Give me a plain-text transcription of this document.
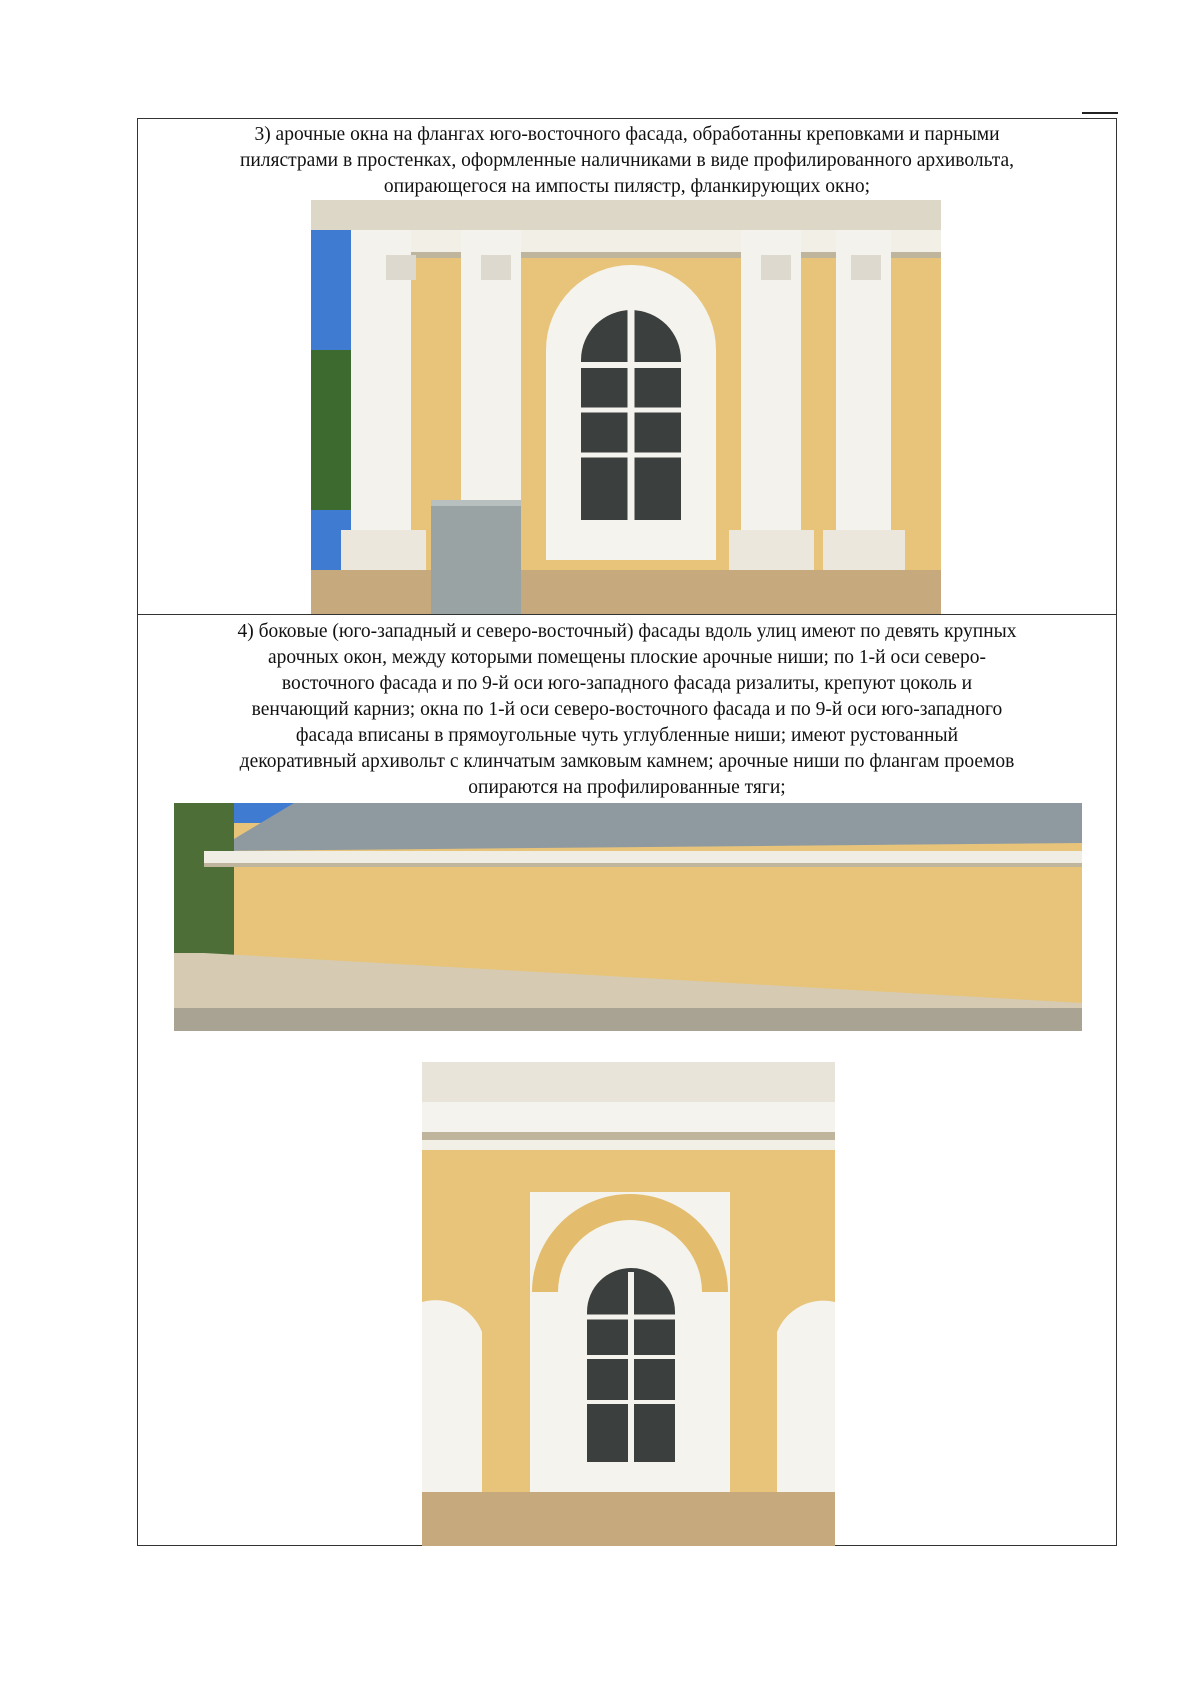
3) арочные окна на флангах юго-восточного фасада, обработанны креповками и парными
пилястрами в простенках, оформленные наличниками в виде профилированного архивольта,
опирающегося на импосты пилястр, фланкирующих окно;
4) боковые (юго-западный и северо-восточный) фасады вдоль улиц имеют по девять крупных
арочных окон, между которыми помещены плоские арочные ниши; по 1-й оси северо-
восточного фасада и по 9-й оси юго-западного фасада ризалиты, крепуют цоколь и
венчающий карниз; окна по 1-й оси северо-восточного фасада и по 9-й оси юго-западного
фасада вписаны в прямоугольные чуть углубленные ниши; имеют рустованный
декоративный архивольт с клинчатым замковым камнем; арочные ниши по флангам проемов
опираются на профилированные тяги;
